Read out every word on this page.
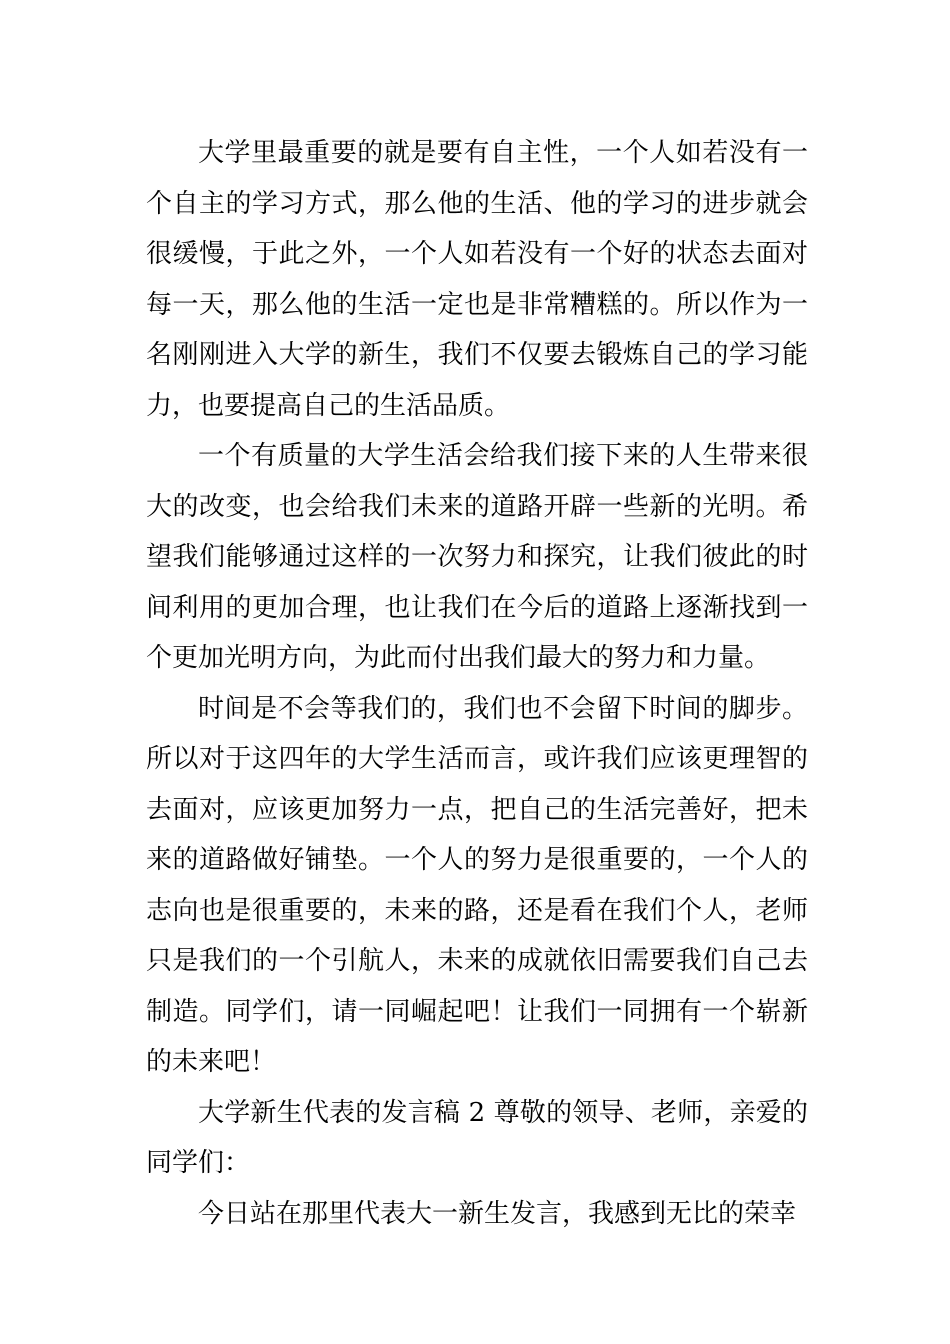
大学里最重要的就是要有自主性，一个人如若没有一个自主的学习方式，那么他的生活、他的学习的进步就会很缓慢，于此之外，一个人如若没有一个好的状态去面对每一天，那么他的生活一定也是非常糟糕的。所以作为一名刚刚进入大学的新生，我们不仅要去锻炼自己的学习能力，也要提高自己的生活品质。

一个有质量的大学生活会给我们接下来的人生带来很大的改变，也会给我们未来的道路开辟一些新的光明。希望我们能够通过这样的一次努力和探究，让我们彼此的时间利用的更加合理，也让我们在今后的道路上逐渐找到一个更加光明方向，为此而付出我们最大的努力和力量。

时间是不会等我们的，我们也不会留下时间的脚步。所以对于这四年的大学生活而言，或许我们应该更理智的去面对，应该更加努力一点，把自己的生活完善好，把未来的道路做好铺垫。一个人的努力是很重要的，一个人的志向也是很重要的，未来的路，还是看在我们个人，老师只是我们的一个引航人，未来的成就依旧需要我们自己去制造。同学们，请一同崛起吧！让我们一同拥有一个崭新的未来吧！

大学新生代表的发言稿 2 尊敬的领导、老师，亲爱的同学们：

今日站在那里代表大一新生发言，我感到无比的荣幸
